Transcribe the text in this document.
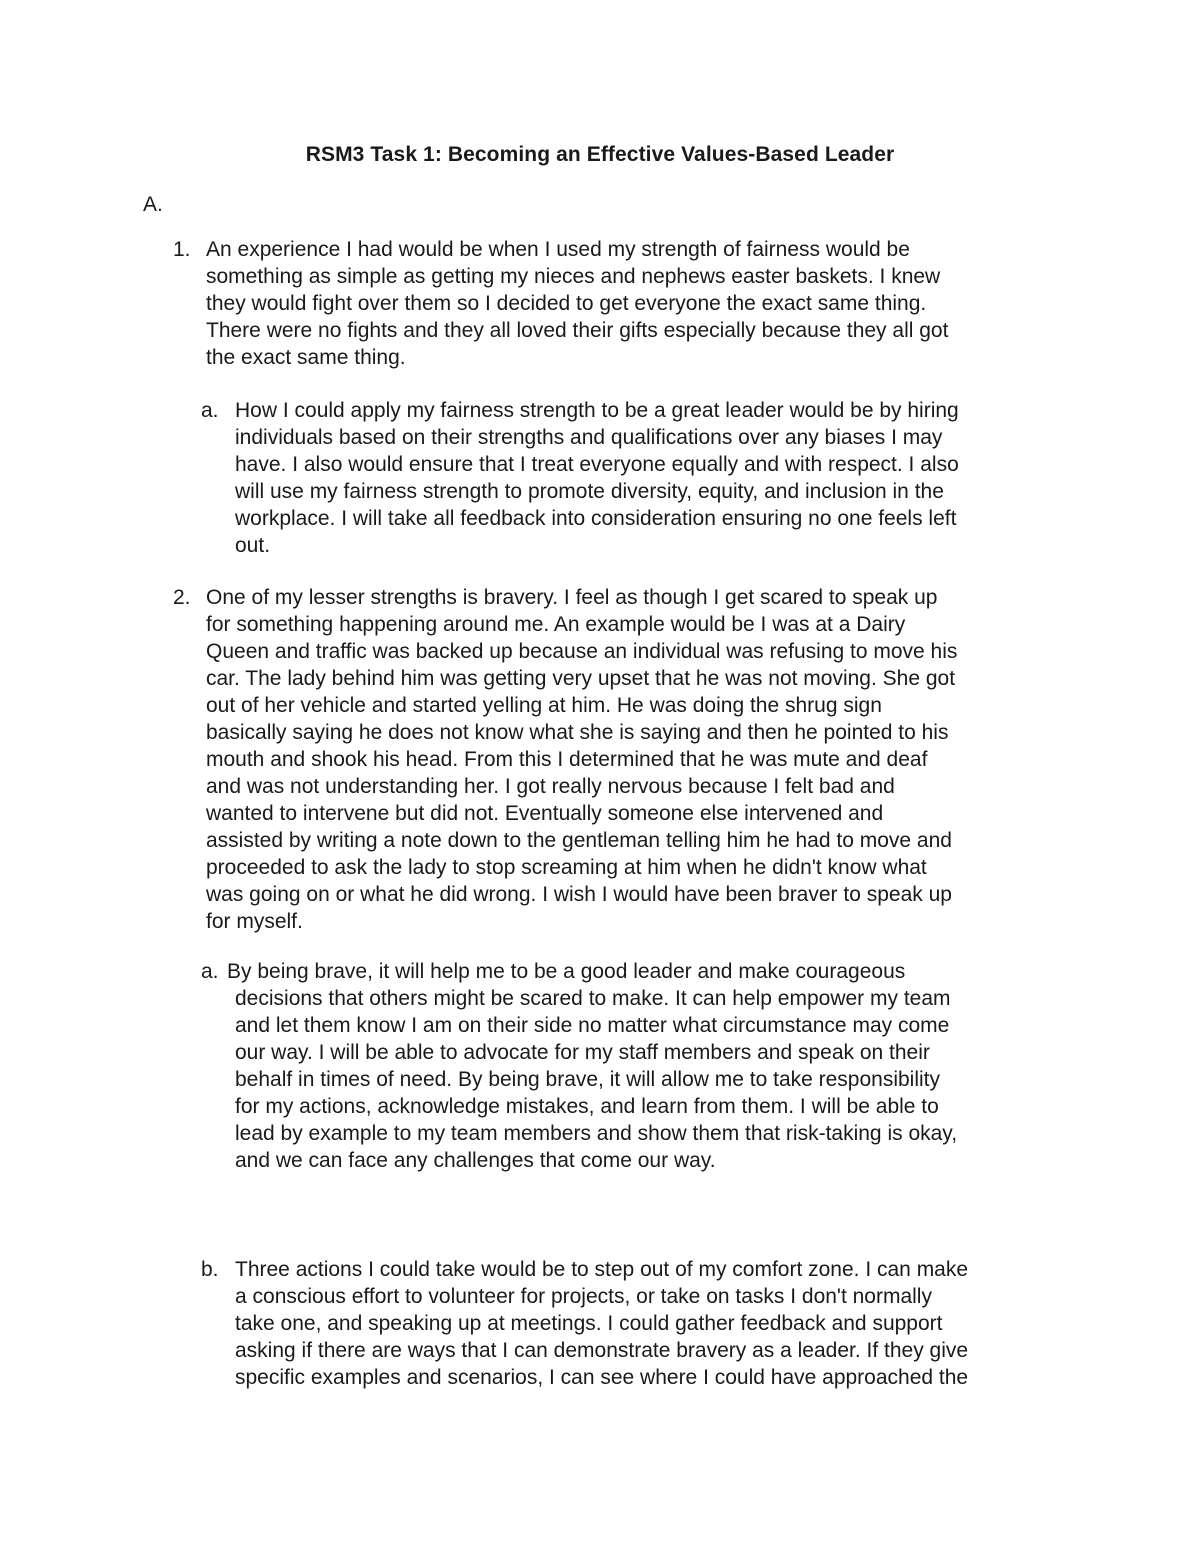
RSM3 Task 1: Becoming an Effective Values-Based Leader
A.
1. An experience I had would be when I used my strength of fairness would be
something as simple as getting my nieces and nephews easter baskets. I knew
they would fight over them so I decided to get everyone the exact same thing.
There were no fights and they all loved their gifts especially because they all got
the exact same thing.
a. How I could apply my fairness strength to be a great leader would be by hiring
individuals based on their strengths and qualifications over any biases I may
have. I also would ensure that I treat everyone equally and with respect. I also
will use my fairness strength to promote diversity, equity, and inclusion in the
workplace. I will take all feedback into consideration ensuring no one feels left
out.
2. One of my lesser strengths is bravery. I feel as though I get scared to speak up
for something happening around me. An example would be I was at a Dairy
Queen and traffic was backed up because an individual was refusing to move his
car. The lady behind him was getting very upset that he was not moving. She got
out of her vehicle and started yelling at him. He was doing the shrug sign
basically saying he does not know what she is saying and then he pointed to his
mouth and shook his head. From this I determined that he was mute and deaf
and was not understanding her. I got really nervous because I felt bad and
wanted to intervene but did not. Eventually someone else intervened and
assisted by writing a note down to the gentleman telling him he had to move and
proceeded to ask the lady to stop screaming at him when he didn't know what
was going on or what he did wrong. I wish I would have been braver to speak up
for myself.
a. By being brave, it will help me to be a good leader and make courageous
decisions that others might be scared to make. It can help empower my team
and let them know I am on their side no matter what circumstance may come
our way. I will be able to advocate for my staff members and speak on their
behalf in times of need. By being brave, it will allow me to take responsibility
for my actions, acknowledge mistakes, and learn from them. I will be able to
lead by example to my team members and show them that risk-taking is okay,
and we can face any challenges that come our way.
b. Three actions I could take would be to step out of my comfort zone. I can make
a conscious effort to volunteer for projects, or take on tasks I don't normally
take one, and speaking up at meetings. I could gather feedback and support
asking if there are ways that I can demonstrate bravery as a leader. If they give
specific examples and scenarios, I can see where I could have approached the
